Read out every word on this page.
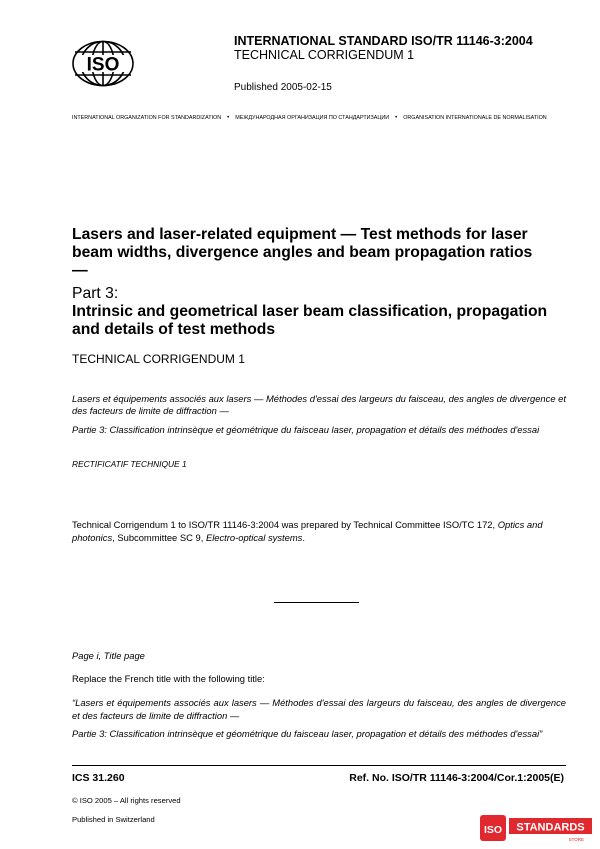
ISO
INTERNATIONAL STANDARD ISO/TR 11146-3:2004
TECHNICAL CORRIGENDUM 1
Published 2005-02-15
INTERNATIONAL ORGANIZATION FOR STANDARDIZATION • МЕЖДУНАРОДНАЯ ОРГАНИЗАЦИЯ ПО СТАНДАРТИЗАЦИИ • ORGANISATION INTERNATIONALE DE NORMALISATION
Lasers and laser-related equipment — Test methods for laser beam widths, divergence angles and beam propagation ratios —
Part 3:
Intrinsic and geometrical laser beam classification, propagation and details of test methods
TECHNICAL CORRIGENDUM 1
Lasers et équipements associés aux lasers — Méthodes d'essai des largeurs du faisceau, des angles de divergence et des facteurs de limite de diffraction —
Partie 3: Classification intrinsèque et géométrique du faisceau laser, propagation et détails des méthodes d'essai
RECTIFICATIF TECHNIQUE 1
Technical Corrigendum 1 to ISO/TR 11146-3:2004 was prepared by Technical Committee ISO/TC 172, Optics and photonics, Subcommittee SC 9, Electro-optical systems.
Page i, Title page
Replace the French title with the following title:
“Lasers et équipements associés aux lasers — Méthodes d'essai des largeurs du faisceau, des angles de divergence et des facteurs de limite de diffraction —
Partie 3: Classification intrinsèque et géométrique du faisceau laser, propagation et détails des méthodes d'essai”
ICS 31.260	Ref. No. ISO/TR 11146-3:2004/Cor.1:2005(E)
© ISO 2005 – All rights reserved
Published in Switzerland
ISO STANDARDS
STORE
